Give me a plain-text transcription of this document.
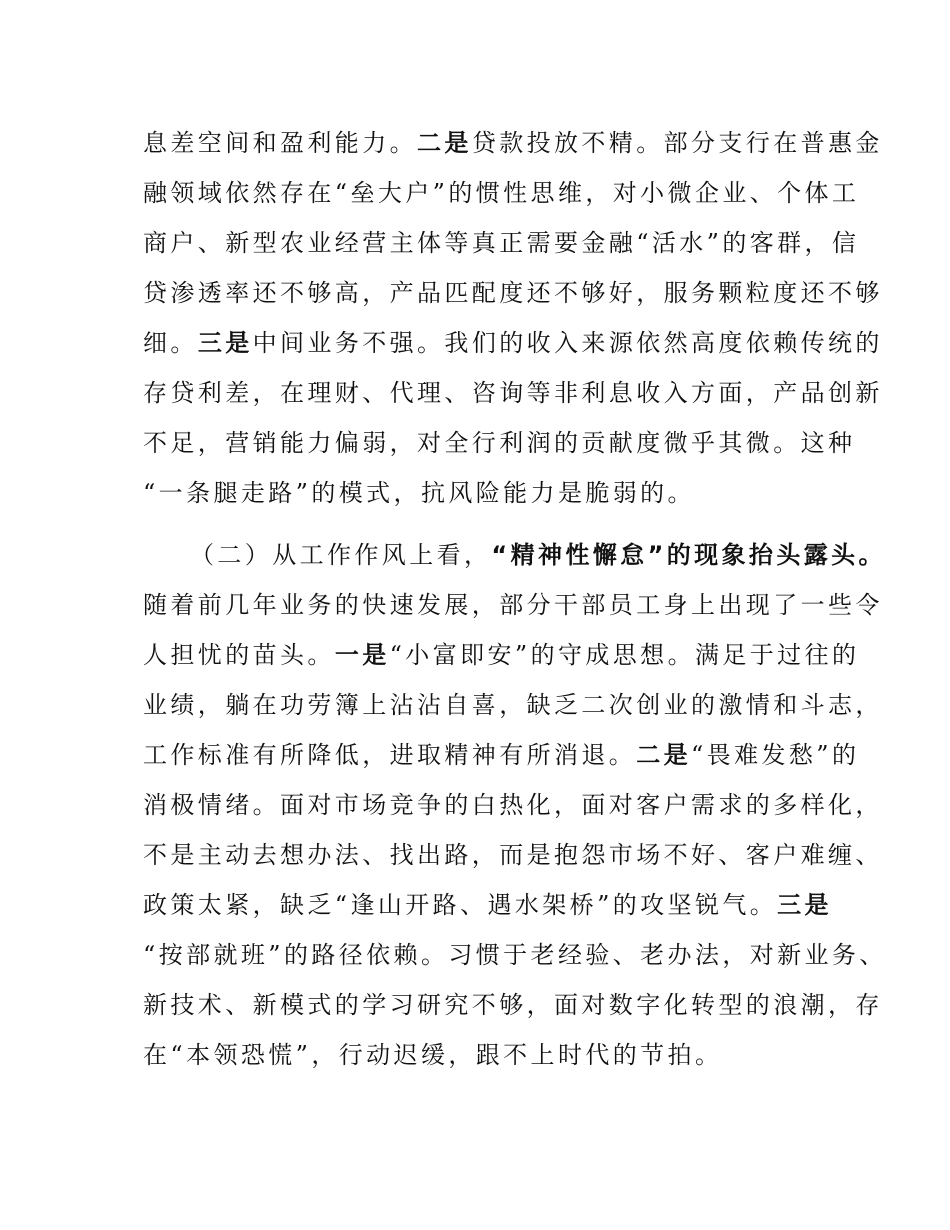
息差空间和盈利能力。二是贷款投放不精。部分支行在普惠金
融领域依然存在“垒大户”的惯性思维，对小微企业、个体工
商户、新型农业经营主体等真正需要金融“活水”的客群，信
贷渗透率还不够高，产品匹配度还不够好，服务颗粒度还不够
细。三是中间业务不强。我们的收入来源依然高度依赖传统的
存贷利差，在理财、代理、咨询等非利息收入方面，产品创新
不足，营销能力偏弱，对全行利润的贡献度微乎其微。这种
“一条腿走路”的模式，抗风险能力是脆弱的。
（二）从工作作风上看，“精神性懈怠”的现象抬头露头。
随着前几年业务的快速发展，部分干部员工身上出现了一些令
人担忧的苗头。一是“小富即安”的守成思想。满足于过往的
业绩，躺在功劳簿上沾沾自喜，缺乏二次创业的激情和斗志，
工作标准有所降低，进取精神有所消退。二是“畏难发愁”的
消极情绪。面对市场竞争的白热化，面对客户需求的多样化，
不是主动去想办法、找出路，而是抱怨市场不好、客户难缠、
政策太紧，缺乏“逢山开路、遇水架桥”的攻坚锐气。三是
“按部就班”的路径依赖。习惯于老经验、老办法，对新业务、
新技术、新模式的学习研究不够，面对数字化转型的浪潮，存
在“本领恐慌”，行动迟缓，跟不上时代的节拍。
